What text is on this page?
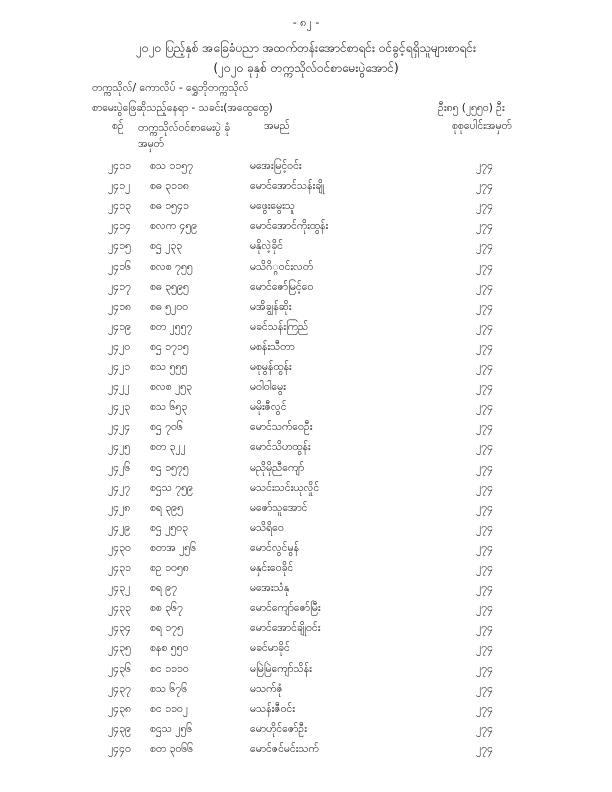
- ၈၂ -
၂၀၂၀ ပြည့်နှစ် အခြေခံပညာ အထက်တန်းအောင်စာရင်း ဝင်ခွင့်ရရှိသူများစာရင်း
(၂၀၂၀ ခုနှစ် တက္ကသိုလ်ဝင်စာမေးပွဲအောင်)
တက္ကသိုလ်/ ကောလိပ် - ရွှေဘိုတက္ကသိုလ်
စာမေးပွဲဖြေဆိုသည့်နေရာ - သခင်း(အထွေထွေ)	ဦး၈၅ (၂၅၅၀) ဦး
စဉ် တက္ကသိုလ်ဝင်စာမေးပွဲ ခုံအမှတ်
အမည်	စုစုပေါင်းအမှတ်
၂၄၁၁ စသ ၁၁၅၇	မအေးမြင့်ဝင်း	၂၇၄
၂၄၁၂ စဓ ၃၁၁၈	မောင်အောင်သန်းချို	၂၇၄
၂၄၁၃ စဓ ၁၅၄၁	မဖွေးမွေးသူ	၂၇၄
၂၄၁၄ စလက ၄၅၉	မောင်အောင်ကိုးထွန်း	၂၇၄
၂၄၁၅ စဌ ၂၃၃	မနိုလဲ့ခိုင်	၂၇၄
၂၄၁၆ စလစ ၇၅၅	မသိဂိ္ဂဝင်းလတ်	၂၇၄
၂၄၁၇ စဓ ၃၅၉၅	မောင်ဇော်မြင့်ဝေ	၂၇၄
၂၄၁၈ စဓ ၅၂၀၀	မအိချွန်ဆိုး	၂၇၄
၂၄၁၉ စတ ၂၅၅၇	မခင်သန်းကြည်	၂၇၄
၂၄၂၀ စဌ ၁၇၁၅	မစန်းသီတာ	၂၇၄
၂၄၂၁ စသ ၅၅၅	မစုမွန်ထွန်း	၂၇၄
၂၄၂၂ စလစ ၂၅၃	မဝါဝါမွေး	၂၇၄
၂၄၂၃ စသ ၆၅၃	မမိုးဇီလွင်	၂၇၄
၂၄၂၄ စဌ ၇၀၆	မောင်သက်ဝေဦး	၂၇၄
၂၄၂၅ စတ ၃၂၂	မောင်သိဟထွန်း	၂၇၄
၂၄၂၆ စဌ ၁၅၇၅	မညိုမိုညီကျော်	၂၇၄
၂၄၂၇ စဌသ ၇၅၉	မသင်းသင်းယုလှိုင်	၂၇၄
၂၄၂၈ စရ ၃၉၅	မဇော်သူအောင်	၂၇၄
၂၄၂၉ စဌ ၂၅၀၃	မသိရိဝေ	၂၇၄
၂၄၃၀ စတအ ၂၅၆	မောင်လွင်မွန်	၂၇၄
၂၄၃၁ စဥ ၁၀၅၈	မနှင်းဝေခိုင်	၂၇၄
၂၄၃၂ စရ ၉၇	မအေးသံနု	၂၇၄
၂၄၃၃ စစ ၃၆၇	မောင်ကျော်ဇော်မြီး	၂၇၄
၂၄၃၄ စရ ၁၇၅	မောင်အောင်ချိုဝင်း	၂၇၄
၂၄၃၅ စနစ ၅၅၀	မခင်မာခိုင်	၂၇၄
၂၄၃၆ စင ၁၁၁၀	မမြဲမြဲကျော်သိန်း	၂၇၄
၂၄၃၇ စသ ၆၇၆	မသက်ဇုံ	၂၇၄
၂၄၃၈ စင ၁၁၀၂	မသန်းဇီဝင်း	၂၇၄
၂၄၃၉ စဌသ ၂၅၆	မောဟိုင်ဇော်ဦး	၂၇၄
၂၄၄၀ စတ ၃၀၆၆	မောင်ဇင်မင်းသက်	၂၇၄
